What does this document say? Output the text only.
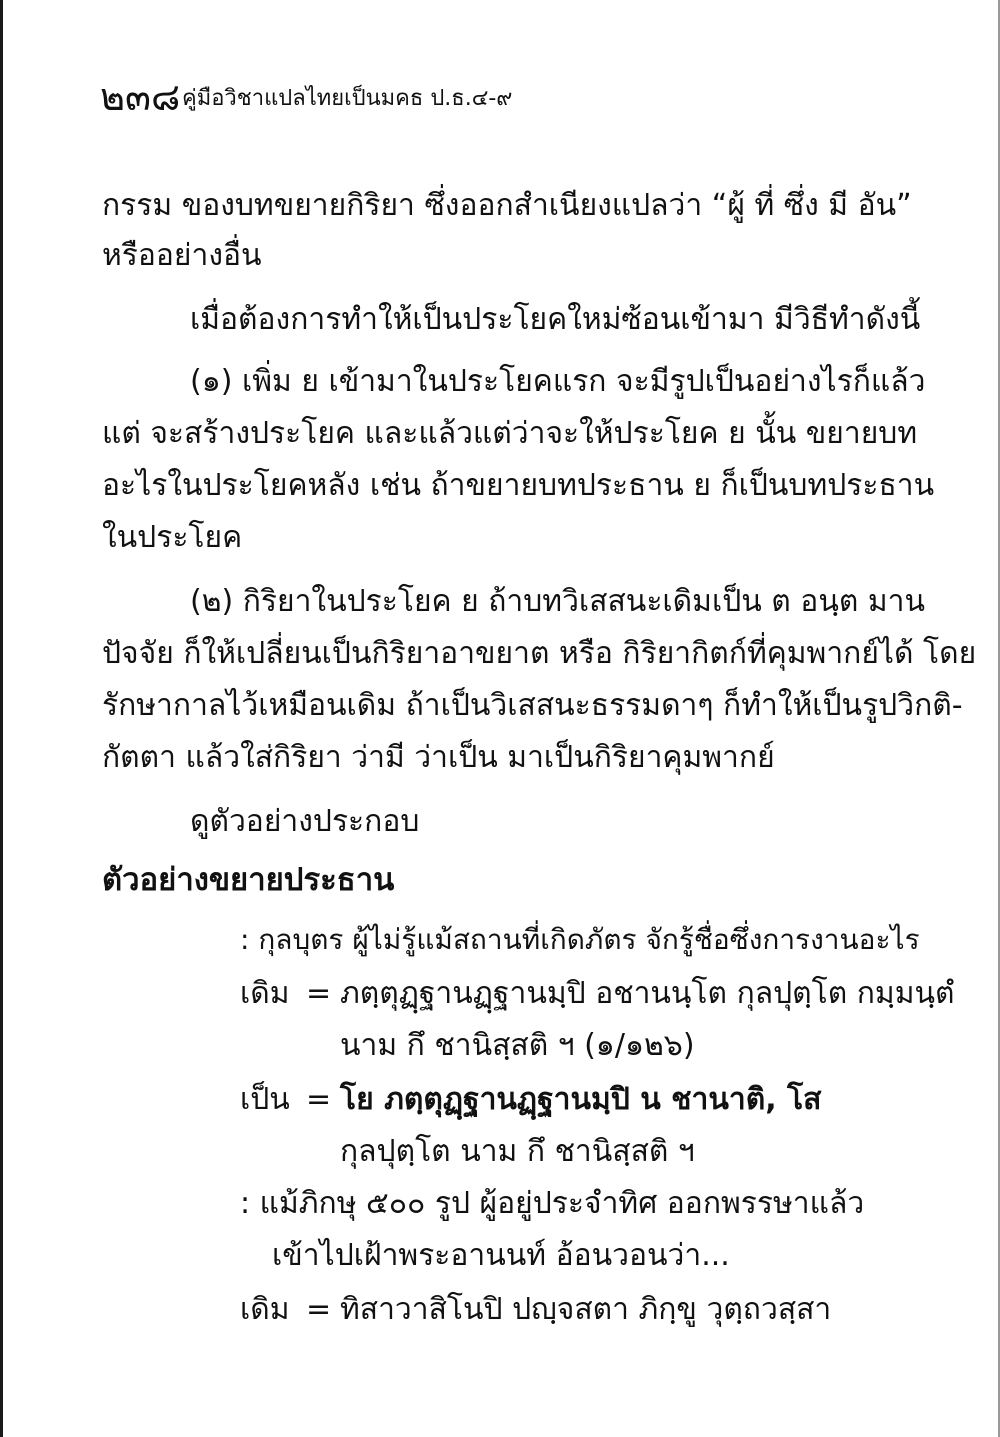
๒๓๘ คู่มือวิชาแปลไทยเป็นมคธ ป.ธ.๔-๙
กรรม ของบทขยายกิริยา ซึ่งออกสำเนียงแปลว่า “ผู้ ที่ ซึ่ง มี อัน”
หรืออย่างอื่น
เมื่อต้องการทำให้เป็นประโยคใหม่ซ้อนเข้ามา มีวิธีทำดังนี้
(๑) เพิ่ม ย เข้ามาในประโยคแรก จะมีรูปเป็นอย่างไรก็แล้ว
แต่ จะสร้างประโยค และแล้วแต่ว่าจะให้ประโยค ย นั้น ขยายบท
อะไรในประโยคหลัง เช่น ถ้าขยายบทประธาน ย ก็เป็นบทประธาน
ในประโยค
(๒) กิริยาในประโยค ย ถ้าบทวิเสสนะเดิมเป็น ต อนฺต มาน
ปัจจัย ก็ให้เปลี่ยนเป็นกิริยาอาขยาต หรือ กิริยากิตก์ที่คุมพากย์ได้ โดย
รักษากาลไว้เหมือนเดิม ถ้าเป็นวิเสสนะธรรมดาๆ ก็ทำให้เป็นรูปวิกติ-
กัตตา แล้วใส่กิริยา ว่ามี ว่าเป็น มาเป็นกิริยาคุมพากย์
ดูตัวอย่างประกอบ
ตัวอย่างขยายประธาน
: กุลบุตร ผู้ไม่รู้แม้สถานที่เกิดภัตร จักรู้ชื่อซึ่งการงานอะไร
เดิม = ภตฺตุฏฺฐานฏฺฐานมฺปิ อชานนฺโต กุลปุตฺโต กมฺมนฺตํ
นาม กึ ชานิสฺสติ ฯ (๑/๑๒๖)
เป็น = โย ภตฺตุฏฺฐานฏฺฐานมฺปิ น ชานาติ, โส
กุลปุตฺโต นาม กึ ชานิสฺสติ ฯ
: แม้ภิกษุ ๕๐๐ รูป ผู้อยู่ประจำทิศ ออกพรรษาแล้ว
เข้าไปเฝ้าพระอานนท์ อ้อนวอนว่า...
เดิม = ทิสาวาสิโนปิ ปญฺจสตา ภิกฺขู วุตฺถวสฺสา
